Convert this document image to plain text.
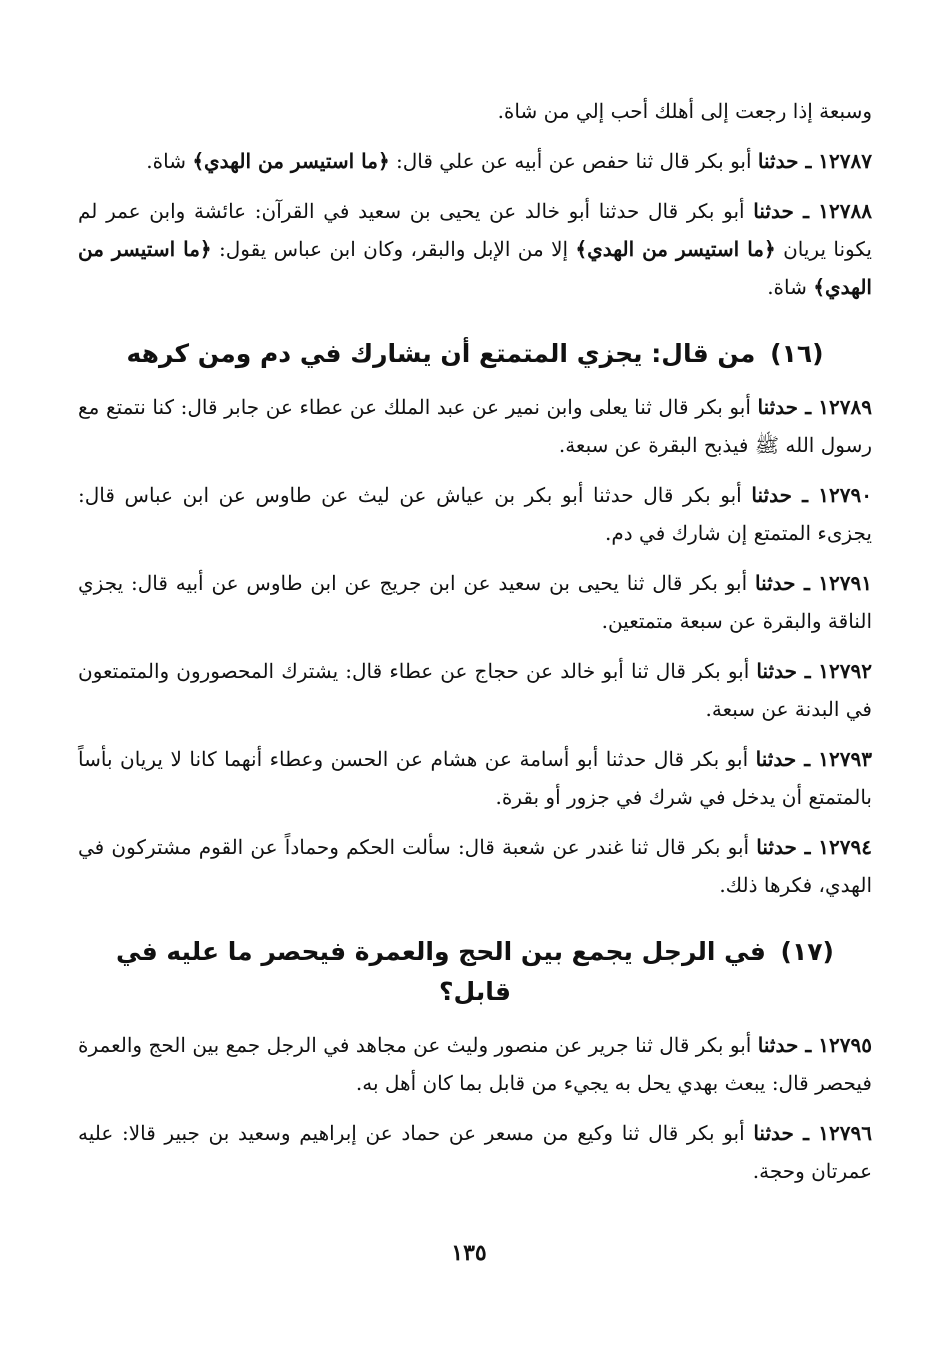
وسبعة إذا رجعت إلى أهلك أحب إلي من شاة.

١٢٧٨٧ ـ حدثنا أبو بكر قال ثنا حفص عن أبيه عن علي قال: ﴿ما استيسر من الهدي﴾ شاة.

١٢٧٨٨ ـ حدثنا أبو بكر قال حدثنا أبو خالد عن يحيى بن سعيد في القرآن: عائشة وابن عمر لم يكونا يريان ﴿ما استيسر من الهدي﴾ إلا من الإبل والبقر، وكان ابن عباس يقول: ﴿ما استيسر من الهدي﴾ شاة.

(١٦) من قال: يجزي المتمتع أن يشارك في دم ومن كرهه

١٢٧٨٩ ـ حدثنا أبو بكر قال ثنا يعلى وابن نمير عن عبد الملك عن عطاء عن جابر قال: كنا نتمتع مع رسول الله ﷺ فيذبح البقرة عن سبعة.

١٢٧٩٠ ـ حدثنا أبو بكر قال حدثنا أبو بكر بن عياش عن ليث عن طاوس عن ابن عباس قال: يجزىء المتمتع إن شارك في دم.

١٢٧٩١ ـ حدثنا أبو بكر قال ثنا يحيى بن سعيد عن ابن جريج عن ابن طاوس عن أبيه قال: يجزي الناقة والبقرة عن سبعة متمتعين.

١٢٧٩٢ ـ حدثنا أبو بكر قال ثنا أبو خالد عن حجاج عن عطاء قال: يشترك المحصورون والمتمتعون في البدنة عن سبعة.

١٢٧٩٣ ـ حدثنا أبو بكر قال حدثنا أبو أسامة عن هشام عن الحسن وعطاء أنهما كانا لا يريان بأساً بالمتمتع أن يدخل في شرك في جزور أو بقرة.

١٢٧٩٤ ـ حدثنا أبو بكر قال ثنا غندر عن شعبة قال: سألت الحكم وحماداً عن القوم مشتركون في الهدي، فكرها ذلك.

(١٧) في الرجل يجمع بين الحج والعمرة فيحصر ما عليه في قابل؟

١٢٧٩٥ ـ حدثنا أبو بكر قال ثنا جرير عن منصور وليث عن مجاهد في الرجل جمع بين الحج والعمرة فيحصر قال: يبعث بهدي يحل به يجيء من قابل بما كان أهل به.

١٢٧٩٦ ـ حدثنا أبو بكر قال ثنا وكيع من مسعر عن حماد عن إبراهيم وسعيد بن جبير قالا: عليه عمرتان وحجة.

١٣٥
